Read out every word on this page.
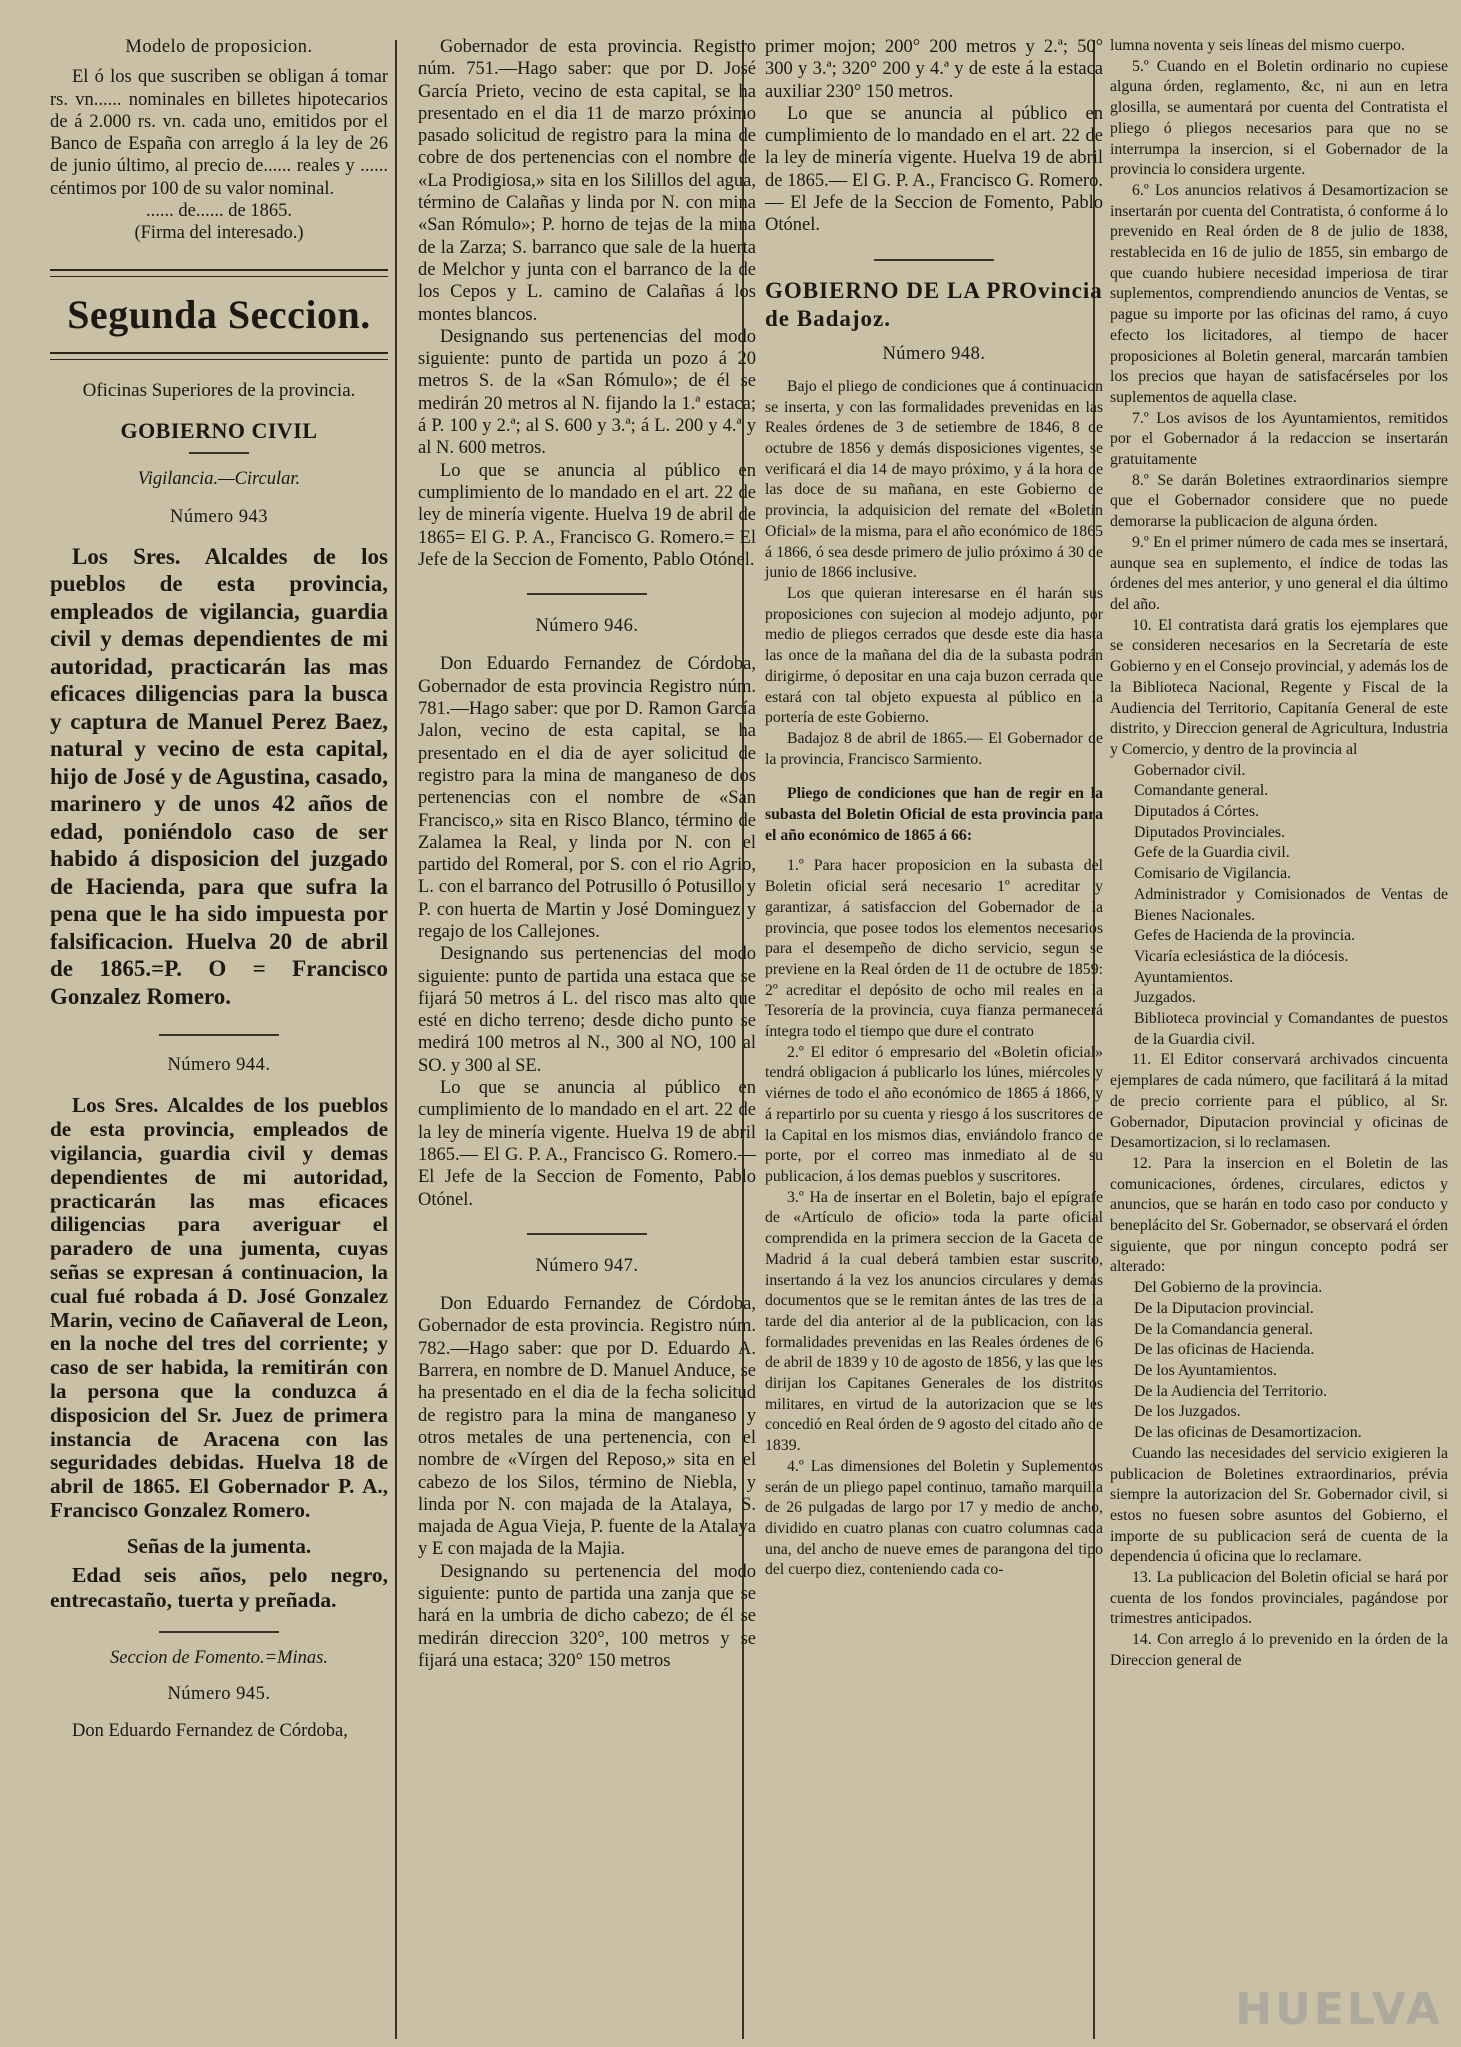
Modelo de proposicion.

El ó los que suscriben se obligan á tomar rs. vn...... nominales en billetes hipotecarios de á 2.000 rs. vn. cada uno, emitidos por el Banco de España con arreglo á la ley de 26 de junio último, al precio de...... reales y ...... céntimos por 100 de su valor nominal.

...... de...... de 1865.

(Firma del interesado.)

Segunda Seccion.

Oficinas Superiores de la provincia.

GOBIERNO CIVIL

Vigilancia.—Circular.

Número 943

Los Sres. Alcaldes de los pueblos de esta provincia, empleados de vigilancia, guardia civil y demas dependientes de mi autoridad, practicarán las mas eficaces diligencias para la busca y captura de Manuel Perez Baez, natural y vecino de esta capital, hijo de José y de Agustina, casado, marinero y de unos 42 años de edad, poniéndolo caso de ser habido á disposicion del juzgado de Hacienda, para que sufra la pena que le ha sido impuesta por falsificacion. Huelva 20 de abril de 1865.=P. O = Francisco Gonzalez Romero.

Número 944.

Los Sres. Alcaldes de los pueblos de esta provincia, empleados de vigilancia, guardia civil y demas dependientes de mi autoridad, practicarán las mas eficaces diligencias para averiguar el paradero de una jumenta, cuyas señas se expresan á continuacion, la cual fué robada á D. José Gonzalez Marin, vecino de Cañaveral de Leon, en la noche del tres del corriente; y caso de ser habida, la remitirán con la persona que la conduzca á disposicion del Sr. Juez de primera instancia de Aracena con las seguridades debidas. Huelva 18 de abril de 1865. El Gobernador P. A., Francisco Gonzalez Romero.

Señas de la jumenta.

Edad seis años, pelo negro, entrecastaño, tuerta y preñada.

Seccion de Fomento.=Minas.

Número 945.

Don Eduardo Fernandez de Córdoba,

Gobernador de esta provincia. Registro núm. 751.—Hago saber: que por D. José García Prieto, vecino de esta capital, se ha presentado en el dia 11 de marzo próximo pasado solicitud de registro para la mina de cobre de dos pertenencias con el nombre de «La Prodigiosa,» sita en los Silillos del agua, término de Calañas y linda por N. con mina «San Rómulo»; P. horno de tejas de la mina de la Zarza; S. barranco que sale de la huerta de Melchor y junta con el barranco de la de los Cepos y L. camino de Calañas á los montes blancos.

Designando sus pertenencias del modo siguiente: punto de partida un pozo á 20 metros S. de la «San Rómulo»; de él se medirán 20 metros al N. fijando la 1.ª estaca; á P. 100 y 2.ª; al S. 600 y 3.ª; á L. 200 y 4.ª y al N. 600 metros.

Lo que se anuncia al público en cumplimiento de lo mandado en el art. 22 de ley de minería vigente. Huelva 19 de abril de 1865= El G. P. A., Francisco G. Romero.= El Jefe de la Seccion de Fomento, Pablo Otónel.

Número 946.

Don Eduardo Fernandez de Córdoba, Gobernador de esta provincia Registro núm. 781.—Hago saber: que por D. Ramon García Jalon, vecino de esta capital, se ha presentado en el dia de ayer solicitud de registro para la mina de manganeso de dos pertenencias con el nombre de «San Francisco,» sita en Risco Blanco, término de Zalamea la Real, y linda por N. con el partido del Romeral, por S. con el rio Agrio, L. con el barranco del Potrusillo ó Potusillo y P. con huerta de Martin y José Dominguez y regajo de los Callejones.

Designando sus pertenencias del modo siguiente: punto de partida una estaca que se fijará 50 metros á L. del risco mas alto que esté en dicho terreno; desde dicho punto se medirá 100 metros al N., 300 al NO, 100 al SO. y 300 al SE.

Lo que se anuncia al público en cumplimiento de lo mandado en el art. 22 de la ley de minería vigente. Huelva 19 de abril 1865.— El G. P. A., Francisco G. Romero.— El Jefe de la Seccion de Fomento, Pablo Otónel.

Número 947.

Don Eduardo Fernandez de Córdoba, Gobernador de esta provincia. Registro núm. 782.—Hago saber: que por D. Eduardo A. Barrera, en nombre de D. Manuel Anduce, se ha presentado en el dia de la fecha solicitud de registro para la mina de manganeso y otros metales de una pertenencia, con el nombre de «Vírgen del Reposo,» sita en el cabezo de los Silos, término de Niebla, y linda por N. con majada de la Atalaya, S. majada de Agua Vieja, P. fuente de la Atalaya y E con majada de la Majia.

Designando su pertenencia del modo siguiente: punto de partida una zanja que se hará en la umbria de dicho cabezo; de él se medirán direccion 320°, 100 metros y se fijará una estaca; 320° 150 metros

primer mojon; 200° 200 metros y 2.ª; 50° 300 y 3.ª; 320° 200 y 4.ª y de este á la estaca auxiliar 230° 150 metros.

Lo que se anuncia al público en cumplimiento de lo mandado en el art. 22 de la ley de minería vigente. Huelva 19 de abril de 1865.— El G. P. A., Francisco G. Romero.— El Jefe de la Seccion de Fomento, Pablo Otónel.

GOBIERNO DE LA PROvincia de Badajoz.

Número 948.

Bajo el pliego de condiciones que á continuacion se inserta, y con las formalidades prevenidas en las Reales órdenes de 3 de setiembre de 1846, 8 de octubre de 1856 y demás disposiciones vigentes, se verificará el dia 14 de mayo próximo, y á la hora de las doce de su mañana, en este Gobierno de provincia, la adquisicion del remate del «Boletin Oficial» de la misma, para el año económico de 1865 á 1866, ó sea desde primero de julio próximo á 30 de junio de 1866 inclusive.

Los que quieran interesarse en él harán sus proposiciones con sujecion al modejo adjunto, por medio de pliegos cerrados que desde este dia hasta las once de la mañana del dia de la subasta podrán dirigirme, ó depositar en una caja buzon cerrada que estará con tal objeto expuesta al público en la portería de este Gobierno.

Badajoz 8 de abril de 1865.— El Gobernador de la provincia, Francisco Sarmiento.

Pliego de condiciones que han de regir en la subasta del Boletin Oficial de esta provincia para el año económico de 1865 á 66:

1.º Para hacer proposicion en la subasta del Boletin oficial será necesario 1º acreditar y garantizar, á satisfaccion del Gobernador de la provincia, que posee todos los elementos necesarios para el desempeño de dicho servicio, segun se previene en la Real órden de 11 de octubre de 1859: 2º acreditar el depósito de ocho mil reales en la Tesorería de la provincia, cuya fianza permanecerá íntegra todo el tiempo que dure el contrato

2.º El editor ó empresario del «Boletin oficial» tendrá obligacion á publicarlo los lúnes, miércoles y viérnes de todo el año económico de 1865 á 1866, y á repartirlo por su cuenta y riesgo á los suscritores de la Capital en los mismos dias, enviándolo franco de porte, por el correo mas inmediato al de su publicacion, á los demas pueblos y suscritores.

3.º Ha de insertar en el Boletin, bajo el epígrafe de «Artículo de oficio» toda la parte oficial comprendida en la primera seccion de la Gaceta de Madrid á la cual deberá tambien estar suscrito, insertando á la vez los anuncios circulares y demás documentos que se le remitan ántes de las tres de la tarde del dia anterior al de la publicacion, con las formalidades prevenidas en las Reales órdenes de 6 de abril de 1839 y 10 de agosto de 1856, y las que les dirijan los Capitanes Generales de los distritos militares, en virtud de la autorizacion que se les concedió en Real órden de 9 agosto del citado año de 1839.

4.º Las dimensiones del Boletin y Suplementos serán de un pliego papel continuo, tamaño marquilla de 26 pulgadas de largo por 17 y medio de ancho, dividido en cuatro planas con cuatro columnas cada una, del ancho de nueve emes de parangona del tipo del cuerpo diez, conteniendo cada co-

lumna noventa y seis líneas del mismo cuerpo.

5.º Cuando en el Boletin ordinario no cupiese alguna órden, reglamento, &c, ni aun en letra glosilla, se aumentará por cuenta del Contratista el pliego ó pliegos necesarios para que no se interrumpa la insercion, si el Gobernador de la provincia lo considera urgente.

6.º Los anuncios relativos á Desamortizacion se insertarán por cuenta del Contratista, ó conforme á lo prevenido en Real órden de 8 de julio de 1838, restablecida en 16 de julio de 1855, sin embargo de que cuando hubiere necesidad imperiosa de tirar suplementos, comprendiendo anuncios de Ventas, se pague su importe por las oficinas del ramo, á cuyo efecto los licitadores, al tiempo de hacer proposiciones al Boletin general, marcarán tambien los precios que hayan de satisfacérseles por los suplementos de aquella clase.

7.º Los avisos de los Ayuntamientos, remitidos por el Gobernador á la redaccion se insertarán gratuitamente

8.º Se darán Boletines extraordinarios siempre que el Gobernador considere que no puede demorarse la publicacion de alguna órden.

9.º En el primer número de cada mes se insertará, aunque sea en suplemento, el índice de todas las órdenes del mes anterior, y uno general el dia último del año.

10. El contratista dará gratis los ejemplares que se consideren necesarios en la Secretaría de este Gobierno y en el Consejo provincial, y además los de la Biblioteca Nacional, Regente y Fiscal de la Audiencia del Territorio, Capitanía General de este distrito, y Direccion general de Agricultura, Industria y Comercio, y dentro de la provincia al

Gobernador civil.

Comandante general.

Diputados á Córtes.

Diputados Provinciales.

Gefe de la Guardia civil.

Comisario de Vigilancia.

Administrador y Comisionados de Ventas de Bienes Nacionales.

Gefes de Hacienda de la provincia.

Vicaría eclesiástica de la diócesis.

Ayuntamientos.

Juzgados.

Biblioteca provincial y Comandantes de puestos de la Guardia civil.

11. El Editor conservará archivados cincuenta ejemplares de cada número, que facilitará á la mitad de precio corriente para el público, al Sr. Gobernador, Diputacion provincial y oficinas de Desamortizacion, si lo reclamasen.

12. Para la insercion en el Boletin de las comunicaciones, órdenes, circulares, edictos y anuncios, que se harán en todo caso por conducto y beneplácito del Sr. Gobernador, se observará el órden siguiente, que por ningun concepto podrá ser alterado:

Del Gobierno de la provincia.

De la Diputacion provincial.

De la Comandancia general.

De las oficinas de Hacienda.

De los Ayuntamientos.

De la Audiencia del Territorio.

De los Juzgados.

De las oficinas de Desamortizacion.

Cuando las necesidades del servicio exigieren la publicacion de Boletines extraordinarios, prévia siempre la autorizacion del Sr. Gobernador civil, si estos no fuesen sobre asuntos del Gobierno, el importe de su publicacion será de cuenta de la dependencia ú oficina que lo reclamare.

13. La publicacion del Boletin oficial se hará por cuenta de los fondos provinciales, pagándose por trimestres anticipados.

14. Con arreglo á lo prevenido en la órden de la Direccion general de

HUELVA
